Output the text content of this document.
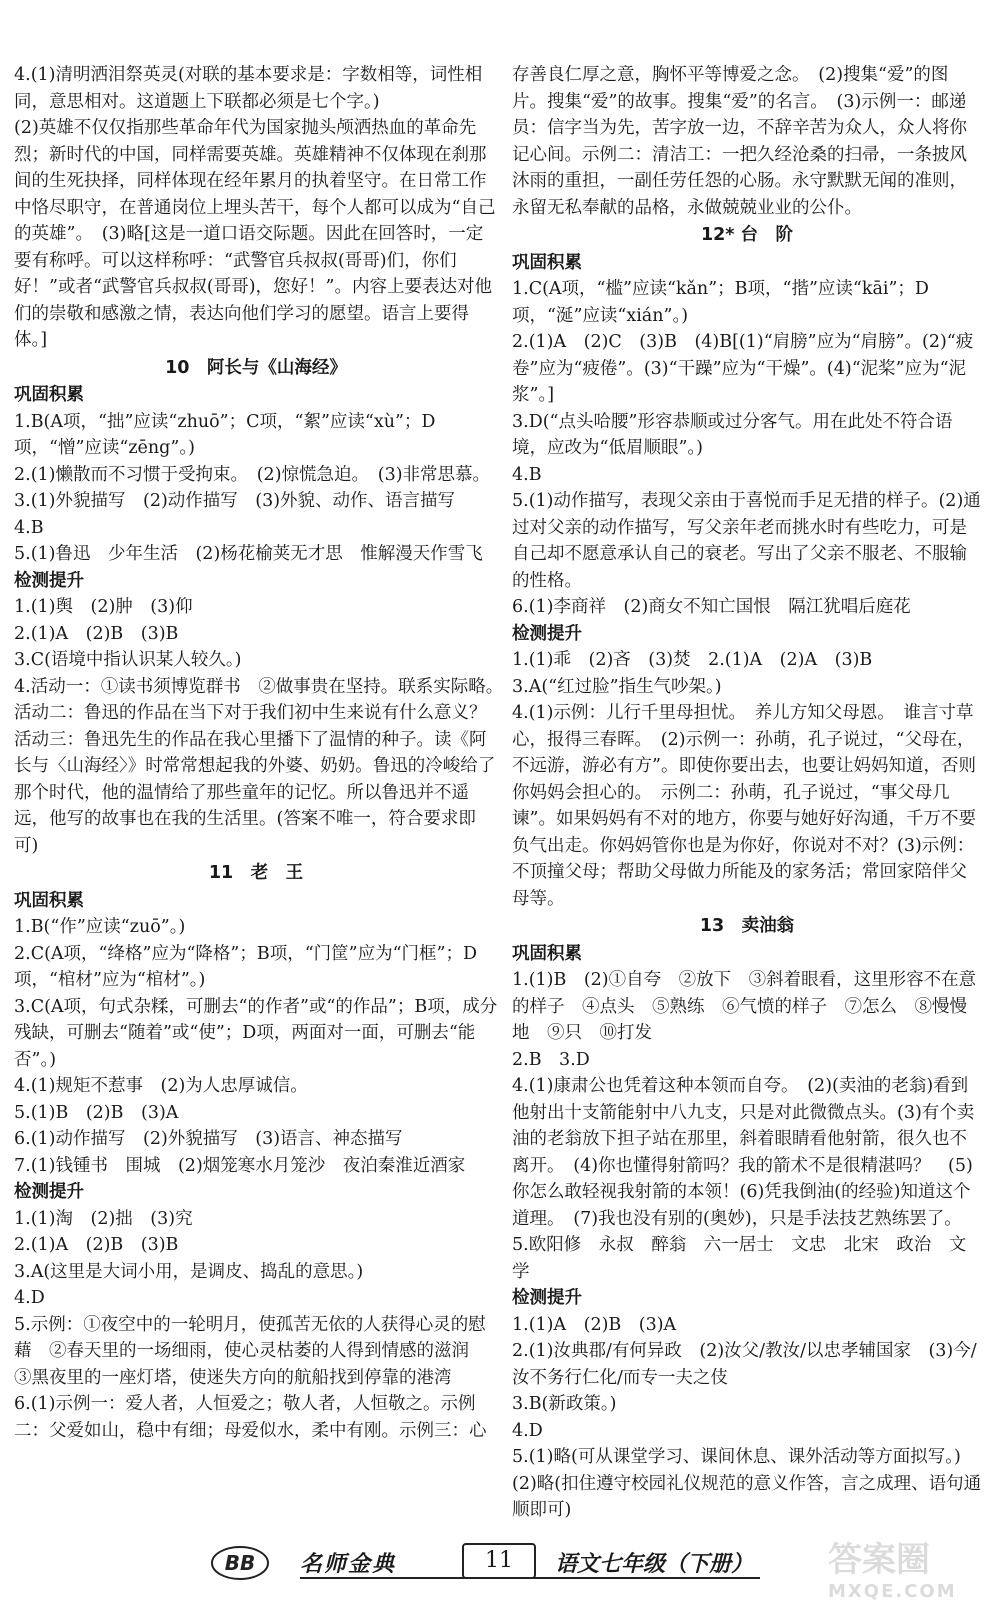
4.(1)清明洒泪祭英灵(对联的基本要求是：字数相等，词性相同，意思相对。这道题上下联都必须是七个字。)
(2)英雄不仅仅指那些革命年代为国家抛头颅洒热血的革命先烈；新时代的中国，同样需要英雄。英雄精神不仅体现在刹那间的生死抉择，同样体现在经年累月的执着坚守。在日常工作中恪尽职守，在普通岗位上埋头苦干，每个人都可以成为“自己的英雄”。　(3)略[这是一道口语交际题。因此在回答时，一定要有称呼。可以这样称呼：“武警官兵叔叔(哥哥)们，你们好！”或者“武警官兵叔叔(哥哥)，您好！”。内容上要表达对他们的崇敬和感激之情，表达向他们学习的愿望。语言上要得体。]
10　阿长与《山海经》
巩固积累
1.B(A项，“拙”应读“zhuō”；C项，“絮”应读“xù”；D项，“憎”应读“zēng”。)
2.(1)懒散而不习惯于受拘束。　(2)惊慌急迫。　(3)非常思慕。
3.(1)外貌描写　(2)动作描写　(3)外貌、动作、语言描写
4.B
5.(1)鲁迅　少年生活　(2)杨花榆荚无才思　惟解漫天作雪飞
检测提升
1.(1)舆　(2)肿　(3)仰
2.(1)A　(2)B　(3)B
3.C(语境中指认识某人较久。)
4.活动一：①读书须博览群书　②做事贵在坚持。联系实际略。　活动二：鲁迅的作品在当下对于我们初中生来说有什么意义？　活动三：鲁迅先生的作品在我心里播下了温情的种子。读《阿长与〈山海经〉》时常常想起我的外婆、奶奶。鲁迅的冷峻给了那个时代，他的温情给了那些童年的记忆。所以鲁迅并不遥远，他写的故事也在我的生活里。(答案不唯一，符合要求即可)
11　老　王
巩固积累
1.B(“作”应读“zuō”。)
2.C(A项，“绛格”应为“降格”；B项，“门筐”应为“门框”；D项，“棺材”应为“棺材”。)
3.C(A项，句式杂糅，可删去“的作者”或“的作品”；B项，成分残缺，可删去“随着”或“使”；D项，两面对一面，可删去“能否”。)
4.(1)规矩不惹事　(2)为人忠厚诚信。
5.(1)B　(2)B　(3)A
6.(1)动作描写　(2)外貌描写　(3)语言、神态描写
7.(1)钱锺书　围城　(2)烟笼寒水月笼沙　夜泊秦淮近酒家
检测提升
1.(1)淘　(2)拙　(3)究
2.(1)A　(2)B　(3)B
3.A(这里是大词小用，是调皮、捣乱的意思。)
4.D
5.示例：①夜空中的一轮明月，使孤苦无依的人获得心灵的慰藉　②春天里的一场细雨，使心灵枯萎的人得到情感的滋润　③黑夜里的一座灯塔，使迷失方向的航船找到停靠的港湾
6.(1)示例一：爱人者，人恒爱之；敬人者，人恒敬之。示例二：父爱如山，稳中有细；母爱似水，柔中有刚。示例三：心
存善良仁厚之意，胸怀平等博爱之念。　(2)搜集“爱”的图片。搜集“爱”的故事。搜集“爱”的名言。　(3)示例一：邮递员：信字当为先，苦字放一边，不辞辛苦为众人，众人将你记心间。示例二：清洁工：一把久经沧桑的扫帚，一条披风沐雨的重担，一副任劳任怨的心肠。永守默默无闻的准则，永留无私奉献的品格，永做兢兢业业的公仆。
12* 台　阶
巩固积累
1.C(A项，“槛”应读“kǎn”；B项，“揩”应读“kāi”；D项，“涎”应读“xián”。)
2.(1)A　(2)C　(3)B　(4)B[(1)“肩膀”应为“肩膀”。(2)“疲卷”应为“疲倦”。(3)“干躁”应为“干燥”。(4)“泥桨”应为“泥浆”。]
3.D(“点头哈腰”形容恭顺或过分客气。用在此处不符合语境，应改为“低眉顺眼”。)
4.B
5.(1)动作描写，表现父亲由于喜悦而手足无措的样子。(2)通过对父亲的动作描写，写父亲年老而挑水时有些吃力，可是自己却不愿意承认自己的衰老。写出了父亲不服老、不服输的性格。
6.(1)李商祥　(2)商女不知亡国恨　隔江犹唱后庭花
检测提升
1.(1)乖　(2)吝　(3)焚　2.(1)A　(2)A　(3)B
3.A(“红过脸”指生气吵架。)
4.(1)示例：儿行千里母担忧。　养儿方知父母恩。　谁言寸草心，报得三春晖。　(2)示例一：孙萌，孔子说过，“父母在，不远游，游必有方”。即使你要出去，也要让妈妈知道，否则你妈妈会担心的。　示例二：孙萌，孔子说过，“事父母几谏”。如果妈妈有不对的地方，你要与她好好沟通，千万不要负气出走。你妈妈管你也是为你好，你说对不对？(3)示例：不顶撞父母；帮助父母做力所能及的家务活；常回家陪伴父母等。
13　卖油翁
巩固积累
1.(1)B　(2)①自夸　②放下　③斜着眼看，这里形容不在意的样子　④点头　⑤熟练　⑥气愤的样子　⑦怎么　⑧慢慢地　⑨只　⑩打发
2.B　3.D
4.(1)康肃公也凭着这种本领而自夸。　(2)(卖油的老翁)看到他射出十支箭能射中八九支，只是对此微微点头。(3)有个卖油的老翁放下担子站在那里，斜着眼睛看他射箭，很久也不离开。　(4)你也懂得射箭吗？我的箭术不是很精湛吗？　(5)你怎么敢轻视我射箭的本领！(6)凭我倒油(的经验)知道这个道理。　(7)我也没有别的(奥妙)，只是手法技艺熟练罢了。
5.欧阳修　永叔　醉翁　六一居士　文忠　北宋　政治　文学
检测提升
1.(1)A　(2)B　(3)A
2.(1)汝典郡/有何异政　(2)汝父/教汝/以忠孝辅国家　(3)今/汝不务行仁化/而专一夫之伎
3.B(新政策。)
4.D
5.(1)略(可从课堂学习、课间休息、课外活动等方面拟写。)　(2)略(扣住遵守校园礼仪规范的意义作答，言之成理、语句通顺即可)
BB 名师金典	11	语文七年级（下册） 答案圈
MXQE.COM
